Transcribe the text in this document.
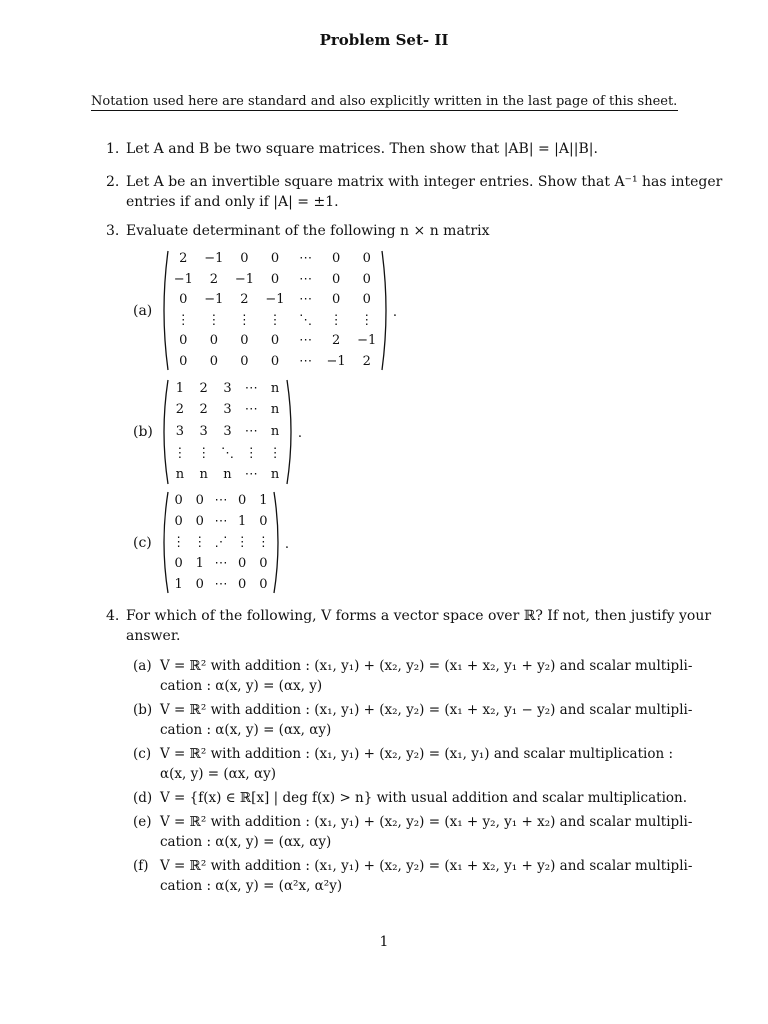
Problem Set- II
Notation used here are standard and also explicitly written in the last page of this sheet.
1. Let A and B be two square matrices. Then show that |AB| = |A||B|.
2. Let A be an invertible square matrix with integer entries. Show that A⁻¹ has integer
entries if and only if |A| = ±1.
3. Evaluate determinant of the following n × n matrix
(a)
2	−1	0	0	⋯	0	0
−1	2	−1	0	⋯	0	0
0	−1	2	−1	⋯	0	0
⋮	⋮	⋮	⋮	⋱	⋮	⋮
0	0	0	0	⋯	2	−1
0	0	0	0	⋯	−1	2
.
(b)
1	2	3	⋯	n
2	2	3	⋯	n
3	3	3	⋯	n
⋮ ⋮ ⋱ ⋮ ⋮
n	n	n	⋯	n
.
(c)
0 0 ⋯ 0 1
0 0 ⋯ 1 0
⋮ ⋮ ⋰ ⋮ ⋮
0 1 ⋯ 0 0
1 0 ⋯ 0 0
.
4. For which of the following, V forms a vector space over ℝ? If not, then justify your
answer.
(a) V = ℝ² with addition : (x₁, y₁) + (x₂, y₂) = (x₁ + x₂, y₁ + y₂) and scalar multipli-
cation : α(x, y) = (αx, y)
(b) V = ℝ² with addition : (x₁, y₁) + (x₂, y₂) = (x₁ + x₂, y₁ − y₂) and scalar multipli-
cation : α(x, y) = (αx, αy)
(c) V = ℝ² with addition : (x₁, y₁) + (x₂, y₂) = (x₁, y₁) and scalar multiplication :
α(x, y) = (αx, αy)
(d) V = {f(x) ∈ ℝ[x] | deg f(x) > n} with usual addition and scalar multiplication.
(e) V = ℝ² with addition : (x₁, y₁) + (x₂, y₂) = (x₁ + y₂, y₁ + x₂) and scalar multipli-
cation : α(x, y) = (αx, αy)
(f) V = ℝ² with addition : (x₁, y₁) + (x₂, y₂) = (x₁ + x₂, y₁ + y₂) and scalar multipli-
cation : α(x, y) = (α²x, α²y)
1
